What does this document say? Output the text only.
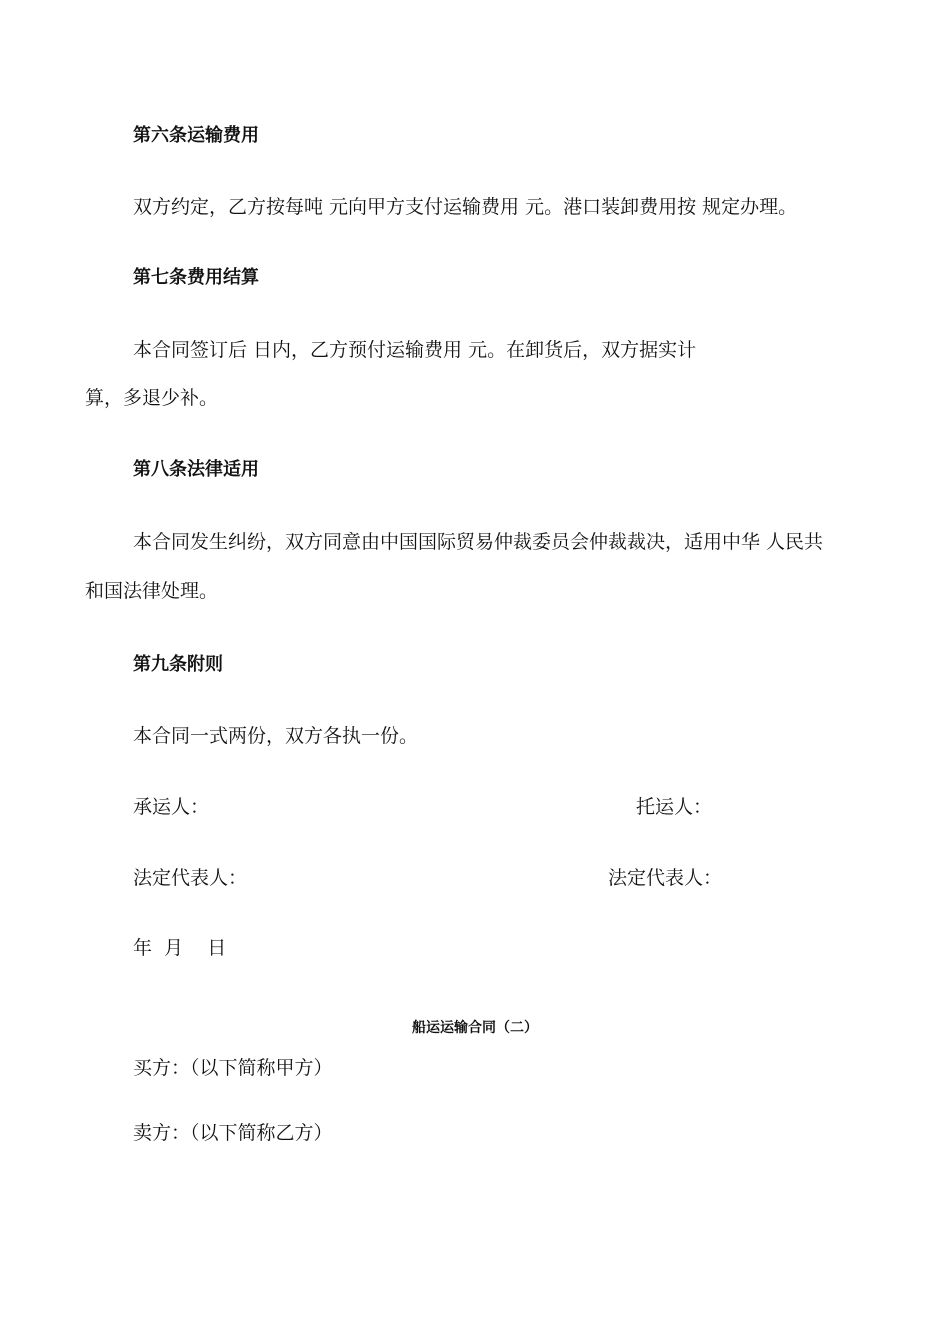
第六条运输费用
双方约定，乙方按每吨 元向甲方支付运输费用 元。港口装卸费用按 规定办理。
第七条费用结算
本合同签订后 日内，乙方预付运输费用 元。在卸货后，双方据实计
算，多退少补。
第八条法律适用
本合同发生纠纷，双方同意由中国国际贸易仲裁委员会仲裁裁决，适用中华 人民共
和国法律处理。
第九条附则
本合同一式两份，双方各执一份。
承运人：	托运人：
法定代表人：	法定代表人：
年  月    日
船运运输合同（二）
买方：（以下简称甲方）
卖方：（以下简称乙方）
